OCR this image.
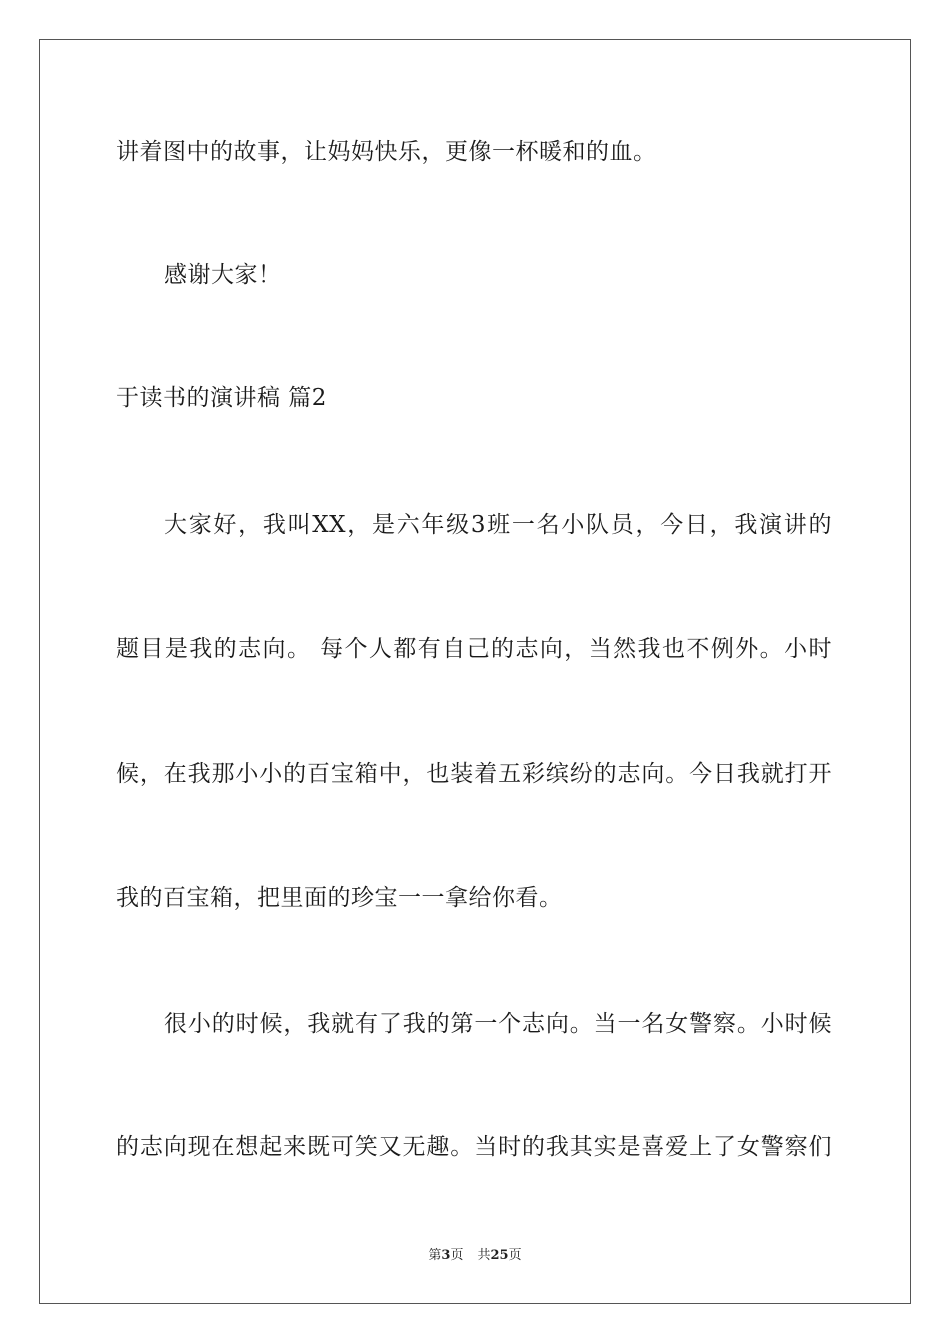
讲着图中的故事，让妈妈快乐，更像一杯暖和的血。
感谢大家！
于读书的演讲稿 篇2
大家好，我叫XX，是六年级3班一名小队员，今日，我演讲的
题目是我的志向。 每个人都有自己的志向，当然我也不例外。小时
候，在我那小小的百宝箱中，也装着五彩缤纷的志向。今日我就打开
我的百宝箱，把里面的珍宝一一拿给你看。
很小的时候，我就有了我的第一个志向。当一名女警察。小时候
的志向现在想起来既可笑又无趣。当时的我其实是喜爱上了女警察们
第3页 共25页
